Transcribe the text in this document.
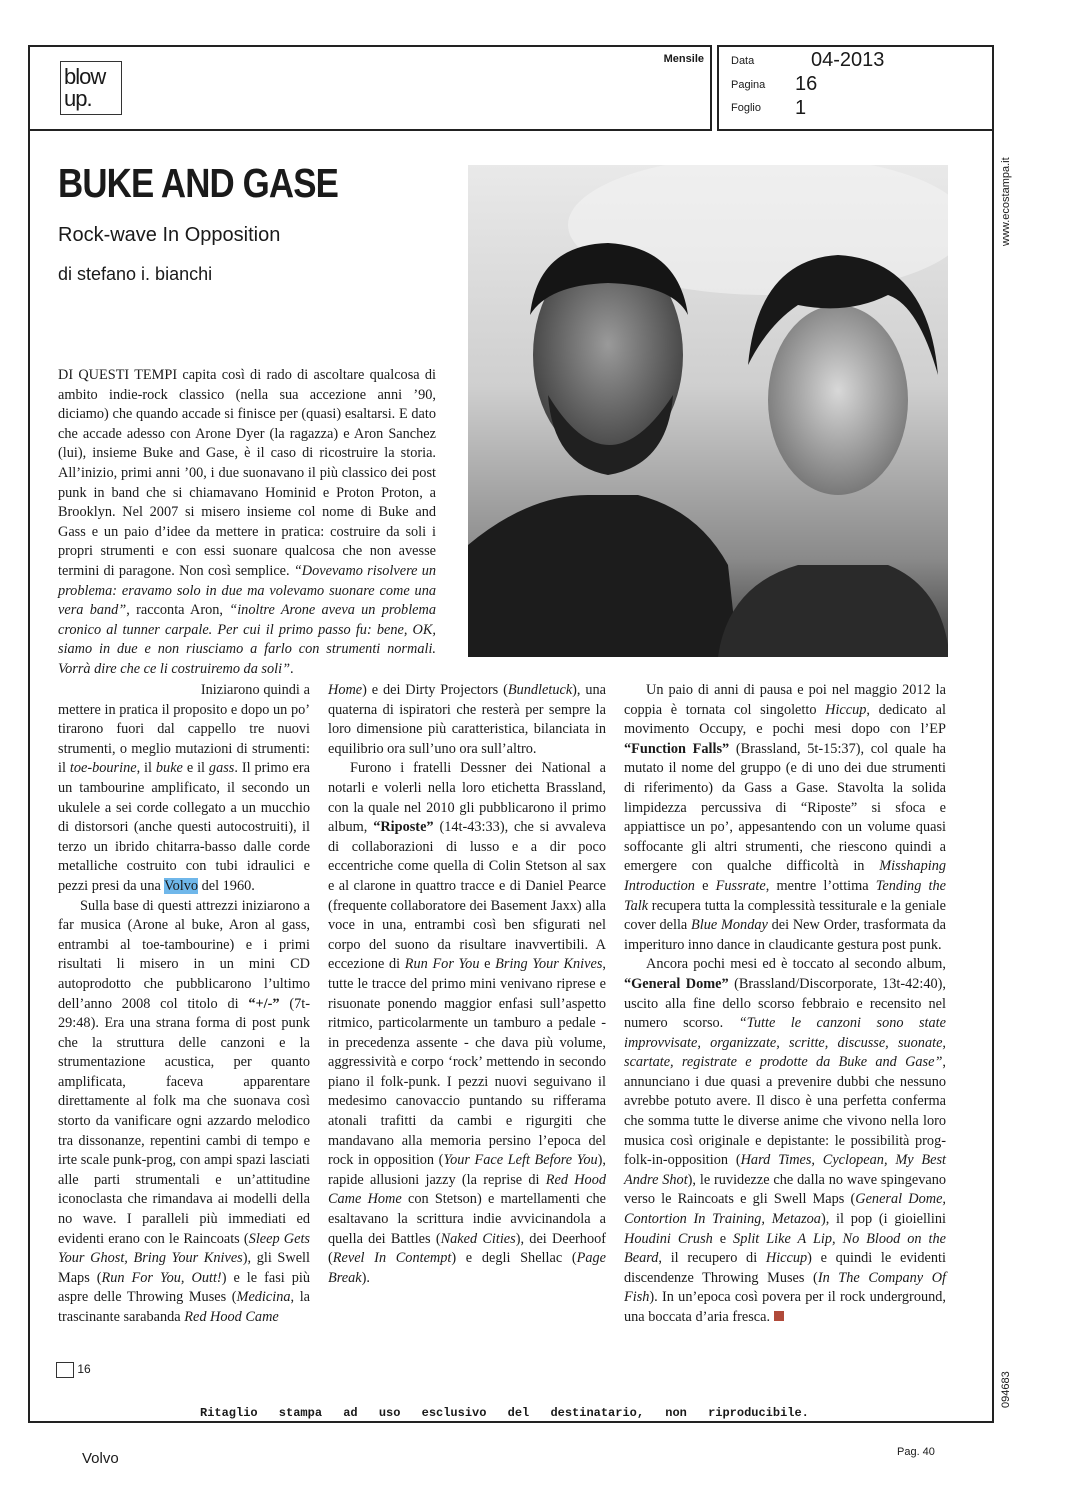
blow up.
Mensile Data	04-2013
Pagina 16
Foglio 1
www.ecostampa.it
094683
BUKE AND GASE
Rock-wave In Opposition
di stefano i. bianchi

DI QUESTI TEMPI capita così di rado di ascoltare qualcosa di ambito indie-rock classico (nella sua accezione anni ’90, diciamo) che quando accade si finisce per (quasi) esaltarsi. E dato che accade adesso con Arone Dyer (la ragazza) e Aron Sanchez (lui), insieme Buke and Gase, è il caso di ricostruire la storia. All’inizio, primi anni ’00, i due suonavano il più classico dei post punk in band che si chiamavano Hominid e Proton Proton, a Brooklyn. Nel 2007 si misero insieme col nome di Buke and Gass e un paio d’idee da mettere in pratica: costruire da soli i propri strumenti e con essi suonare qualcosa che non avesse termini di paragone. Non così semplice. “Dovevamo risolvere un problema: eravamo solo in due ma volevamo suonare come una vera band”, racconta Aron, “inoltre Arone aveva un problema cronico al tunner carpale. Per cui il primo passo fu: bene, OK, siamo in due e non riusciamo a farlo con strumenti normali. Vorrà dire che ce li costruiremo da soli”.

Iniziarono quindi a mettere in pratica il proposito e dopo un po’ tirarono fuori dal cappello tre nuovi strumenti, o meglio mutazioni di strumenti: il toe-bourine, il buke e il gass. Il primo era un tambourine amplificato, il secondo un ukulele a sei corde collegato a un mucchio di distorsori (anche questi autocostruiti), il terzo un ibrido chitarra-basso dalle corde metalliche costruito con tubi idraulici e pezzi presi da una Volvo del 1960.

Sulla base di questi attrezzi iniziarono a far musica (Arone al buke, Aron al gass, entrambi al toe-tambourine) e i primi risultati li misero in un mini CD autoprodotto che pubblicarono l’ultimo dell’anno 2008 col titolo di “+/-” (7t-29:48). Era una strana forma di post punk che la struttura delle canzoni e la strumentazione acustica, per quanto amplificata, faceva apparentare direttamente al folk ma che suonava così storto da vanificare ogni azzardo melodico tra dissonanze, repentini cambi di tempo e irte scale punk-prog, con ampi spazi lasciati alle parti strumentali e un’attitudine iconoclasta che rimandava ai modelli della no wave. I paralleli più immediati ed evidenti erano con le Raincoats (Sleep Gets Your Ghost, Bring Your Knives), gli Swell Maps (Run For You, Outt!) e le fasi più aspre delle Throwing Muses (Medicina, la trascinante sarabanda Red Hood Came

Home) e dei Dirty Projectors (Bundletuck), una quaterna di ispiratori che resterà per sempre la loro dimensione più caratteristica, bilanciata in equilibrio ora sull’uno ora sull’altro.

Furono i fratelli Dessner dei National a notarli e volerli nella loro etichetta Brassland, con la quale nel 2010 gli pubblicarono il primo album, “Riposte” (14t-43:33), che si avvaleva di collaborazioni di lusso e a dir poco eccentriche come quella di Colin Stetson al sax e al clarone in quattro tracce e di Daniel Pearce (frequente collaboratore dei Basement Jaxx) alla voce in una, entrambi così ben sfigurati nel corpo del suono da risultare inavvertibili. A eccezione di Run For You e Bring Your Knives, tutte le tracce del primo mini venivano riprese e risuonate ponendo maggior enfasi sull’aspetto ritmico, particolarmente un tamburo a pedale - in precedenza assente - che dava più volume, aggressività e corpo ‘rock’ mettendo in secondo piano il folk-punk. I pezzi nuovi seguivano il medesimo canovaccio puntando su rifferama atonali trafitti da cambi e rigurgiti che mandavano alla memoria persino l’epoca del rock in opposition (Your Face Left Before You), rapide allusioni jazzy (la reprise di Red Hood Came Home con Stetson) e martellamenti che esaltavano la scrittura indie avvicinandola a quella dei Battles (Naked Cities), dei Deerhoof (Revel In Contempt) e degli Shellac (Page Break).

Un paio di anni di pausa e poi nel maggio 2012 la coppia è tornata col singoletto Hiccup, dedicato al movimento Occupy, e pochi mesi dopo con l’EP “Function Falls” (Brassland, 5t-15:37), col quale ha mutato il nome del gruppo (e di uno dei due strumenti di riferimento) da Gass a Gase. Stavolta la solida limpidezza percussiva di “Riposte” si sfoca e appiattisce un po’, appesantendo con un volume quasi soffocante gli altri strumenti, che riescono quindi a emergere con qualche difficoltà in Misshaping Introduction e Fussrate, mentre l’ottima Tending the Talk recupera tutta la complessità tessiturale e la geniale cover della Blue Monday dei New Order, trasformata da imperituro inno dance in claudicante gestura post punk.

Ancora pochi mesi ed è toccato al secondo album, “General Dome” (Brassland/Discorporate, 13t-42:40), uscito alla fine dello scorso febbraio e recensito nel numero scorso. “Tutte le canzoni sono state improvvisate, organizzate, scritte, discusse, suonate, scartate, registrate e prodotte da Buke and Gase”, annunciano i due quasi a prevenire dubbi che nessuno avrebbe potuto avere. Il disco è una perfetta conferma che somma tutte le diverse anime che vivono nella loro musica così originale e depistante: le possibilità prog-folk-in-opposition (Hard Times, Cyclopean, My Best Andre Shot), le ruvidezze che dalla no wave spingevano verso le Raincoats e gli Swell Maps (General Dome, Contortion In Training, Metazoa), il pop (i gioiellini Houdini Crush e Split Like A Lip, No Blood on the Beard, il recupero di Hiccup) e quindi le evidenti discendenze Throwing Muses (In The Company Of Fish). In un’epoca così povera per il rock underground, una boccata d’aria fresca.

16
Ritaglio stampa ad uso esclusivo del destinatario, non riproducibile.
Volvo	Pag. 40
